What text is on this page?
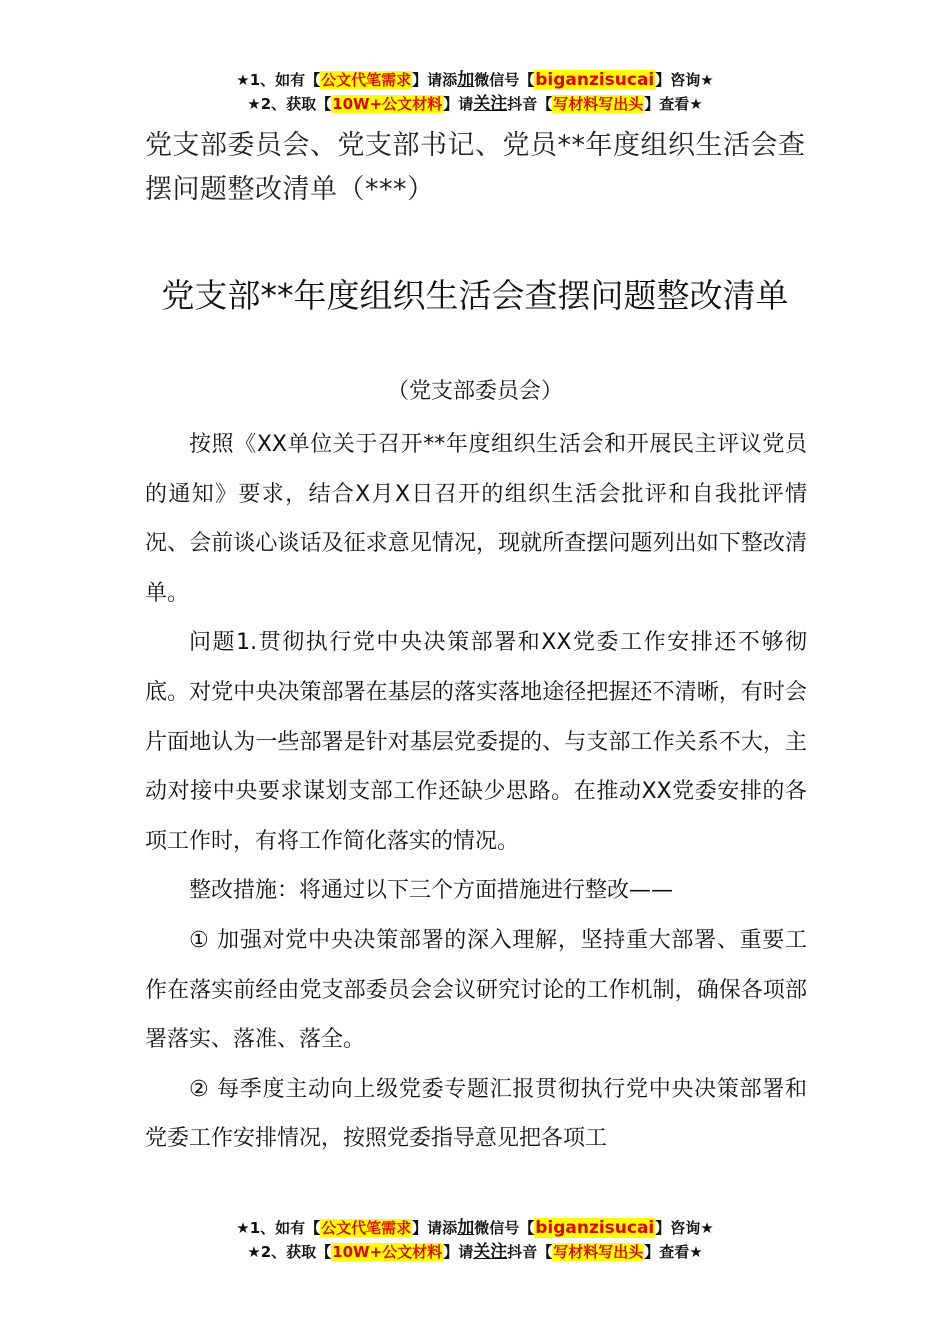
★1、如有【公文代笔需求】请添加微信号【biganzisucai】咨询★
★2、获取【10W+公文材料】请关注抖音【写材料写出头】查看★
党支部委员会、党支部书记、党员**年度组织生活会查摆问题整改清单（***）
党支部**年度组织生活会查摆问题整改清单
（党支部委员会）

按照《XX单位关于召开**年度组织生活会和开展民主评议党员的通知》要求，结合X月X日召开的组织生活会批评和自我批评情况、会前谈心谈话及征求意见情况，现就所查摆问题列出如下整改清单。

问题1.贯彻执行党中央决策部署和XX党委工作安排还不够彻底。对党中央决策部署在基层的落实落地途径把握还不清晰，有时会片面地认为一些部署是针对基层党委提的、与支部工作关系不大，主动对接中央要求谋划支部工作还缺少思路。在推动XX党委安排的各项工作时，有将工作简化落实的情况。

整改措施：将通过以下三个方面措施进行整改——

① 加强对党中央决策部署的深入理解，坚持重大部署、重要工作在落实前经由党支部委员会会议研究讨论的工作机制，确保各项部署落实、落准、落全。

② 每季度主动向上级党委专题汇报贯彻执行党中央决策部署和党委工作安排情况，按照党委指导意见把各项工

★1、如有【公文代笔需求】请添加微信号【biganzisucai】咨询★
★2、获取【10W+公文材料】请关注抖音【写材料写出头】查看★
